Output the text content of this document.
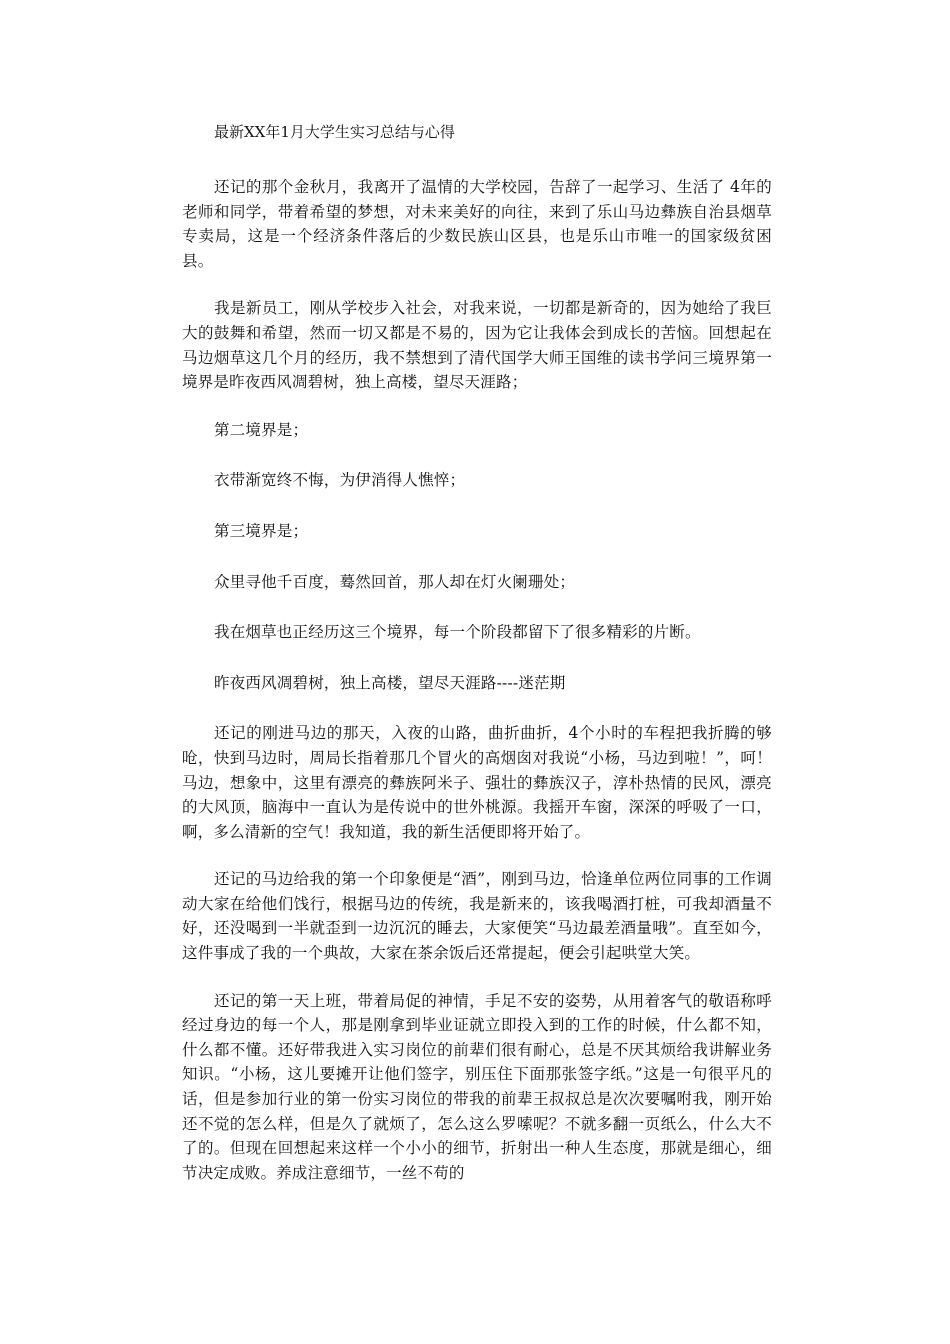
最新XX年1月大学生实习总结与心得

还记的那个金秋月，我离开了温情的大学校园，告辞了一起学习、生活了 4年的老师和同学，带着希望的梦想，对未来美好的向往，来到了乐山马边彝族自治县烟草专卖局，这是一个经济条件落后的少数民族山区县，也是乐山市唯一的国家级贫困县。

我是新员工，刚从学校步入社会，对我来说，一切都是新奇的，因为她给了我巨大的鼓舞和希望，然而一切又都是不易的，因为它让我体会到成长的苦恼。回想起在马边烟草这几个月的经历，我不禁想到了清代国学大师王国维的读书学问三境界第一境界是昨夜西风凋碧树，独上高楼，望尽天涯路；

第二境界是；

衣带渐宽终不悔，为伊消得人憔悴；

第三境界是；

众里寻他千百度，蓦然回首，那人却在灯火阑珊处；

我在烟草也正经历这三个境界，每一个阶段都留下了很多精彩的片断。

昨夜西风凋碧树，独上高楼，望尽天涯路----迷茫期

还记的刚进马边的那天，入夜的山路，曲折曲折，4个小时的车程把我折腾的够呛，快到马边时，周局长指着那几个冒火的高烟囱对我说“小杨，马边到啦！”，呵！马边，想象中，这里有漂亮的彝族阿米子、强壮的彝族汉子，淳朴热情的民风，漂亮的大风顶，脑海中一直认为是传说中的世外桃源。我摇开车窗，深深的呼吸了一口，啊，多么清新的空气！我知道，我的新生活便即将开始了。

还记的马边给我的第一个印象便是“酒”，刚到马边，恰逢单位两位同事的工作调动大家在给他们饯行，根据马边的传统，我是新来的，该我喝酒打桩，可我却酒量不好，还没喝到一半就歪到一边沉沉的睡去，大家便笑“马边最差酒量哦”。直至如今，这件事成了我的一个典故，大家在茶余饭后还常提起，便会引起哄堂大笑。

还记的第一天上班，带着局促的神情，手足不安的姿势，从用着客气的敬语称呼经过身边的每一个人，那是刚拿到毕业证就立即投入到的工作的时候，什么都不知，什么都不懂。还好带我进入实习岗位的前辈们很有耐心，总是不厌其烦给我讲解业务知识。“小杨，这儿要摊开让他们签字，别压住下面那张签字纸。”这是一句很平凡的话，但是参加行业的第一份实习岗位的带我的前辈王叔叔总是次次要嘱咐我，刚开始还不觉的怎么样，但是久了就烦了，怎么这么罗嗦呢？不就多翻一页纸么，什么大不了的。但现在回想起来这样一个小小的细节，折射出一种人生态度，那就是细心，细节决定成败。养成注意细节，一丝不苟的
